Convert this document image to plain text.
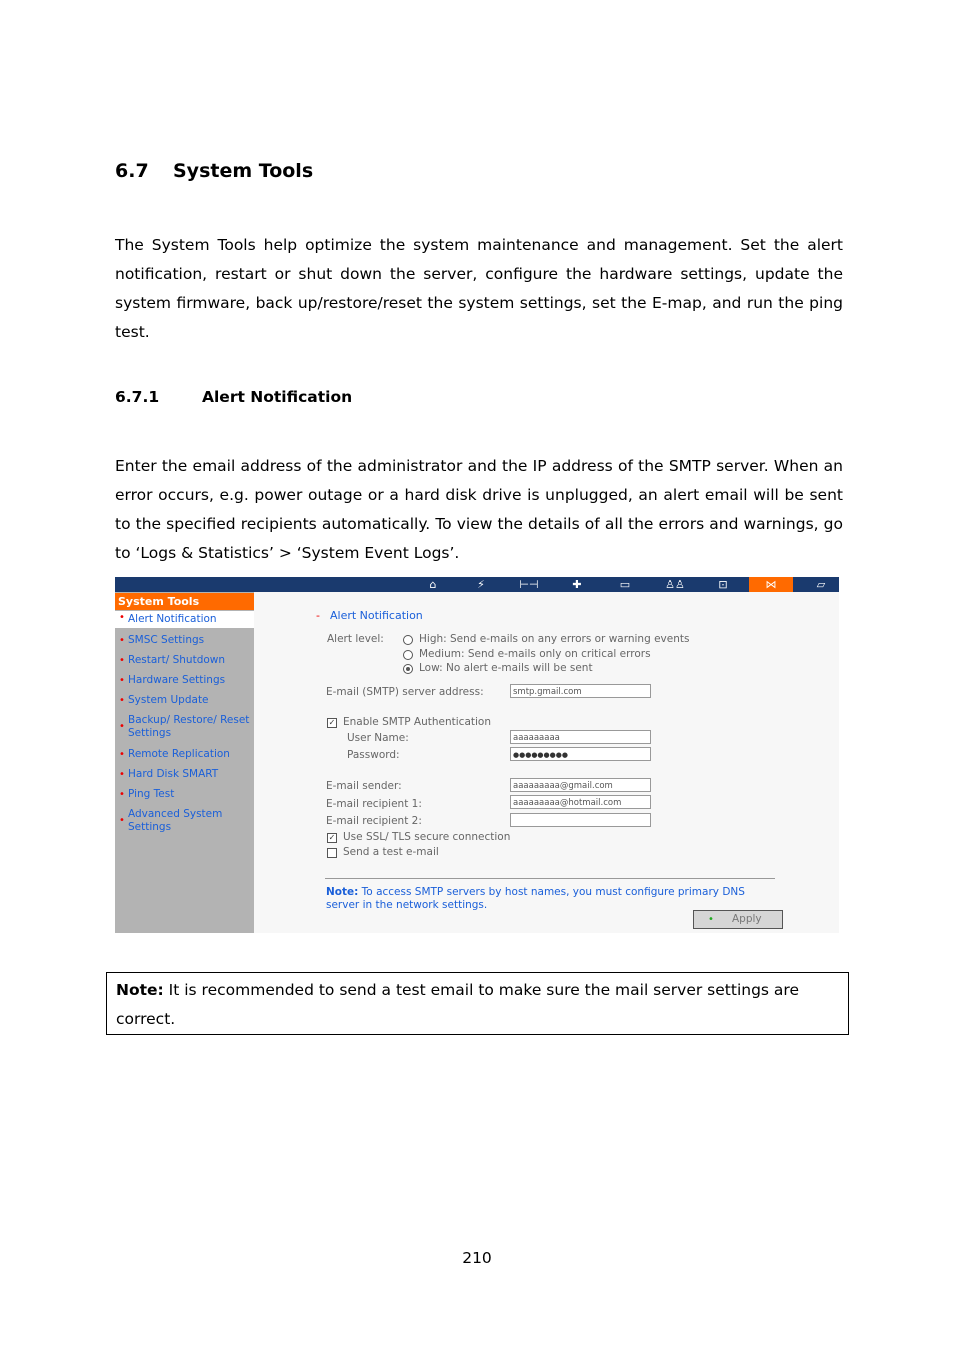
6.7 System Tools
The System Tools help optimize the system maintenance and management. Set the alert notification, restart or shut down the server, configure the hardware settings, update the system firmware, back up/restore/reset the system settings, set the E-map, and run the ping test.
6.7.1	Alert Notification
Enter the email address of the administrator and the IP address of the SMTP server. When an error occurs, e.g. power outage or a hard disk drive is unplugged, an alert email will be sent to the specified recipients automatically. To view the details of all the errors and warnings, go to ‘Logs & Statistics’ > ‘System Event Logs’.
⌂	⚡	⊢⊣	✚	▭	♙♙	⊡	⋈	▱
System Tools
• Alert Notification
• SMSC Settings
• Restart/ Shutdown
• Hardware Settings
• System Update
•
Backup/ Restore/ Reset Settings
• Remote Replication
• Hard Disk SMART
• Ping Test
•
Advanced System Settings
- Alert Notification
Alert level:	High: Send e-mails on any errors or warning events
Medium: Send e-mails only on critical errors
Low: No alert e-mails will be sent
E-mail (SMTP) server address:	smtp.gmail.com
✓ Enable SMTP Authentication
User Name:	aaaaaaaaa
Password:	●●●●●●●●●
E-mail sender:	aaaaaaaaa@gmail.com
E-mail recipient 1:	aaaaaaaaa@hotmail.com
E-mail recipient 2:
✓ Use SSL/ TLS secure connection
Send a test e-mail
Note: To access SMTP servers by host names, you must configure primary DNS server in the network settings.
• Apply
Note: It is recommended to send a test email to make sure the mail server settings are correct.
210
